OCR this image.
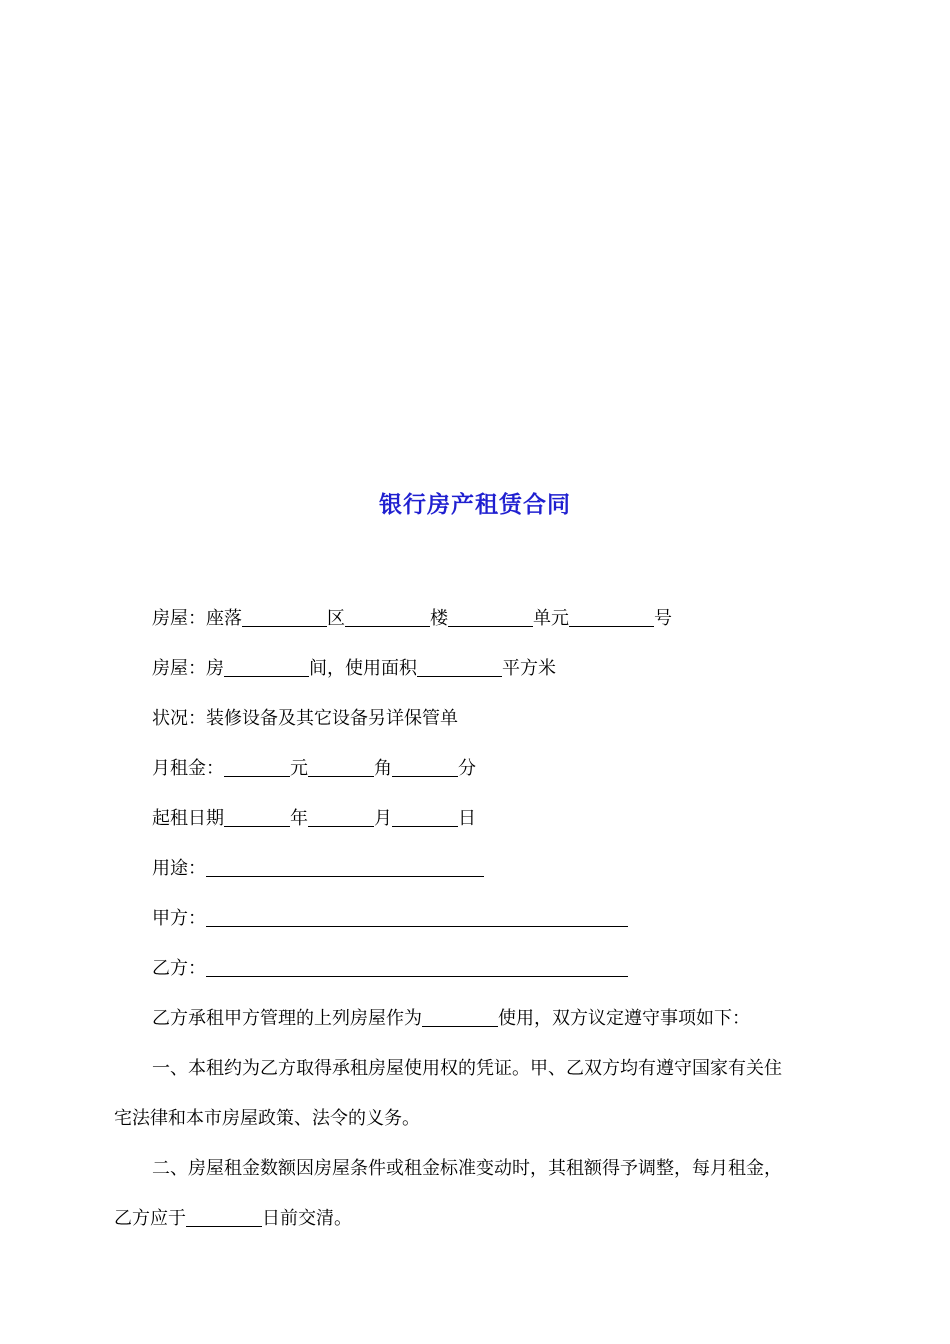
银行房产租赁合同
房屋：座落	区	楼	单元	号
房屋：房	间，使用面积	平方米
状况：装修设备及其它设备另详保管单
月租金：	元	角	分
起租日期	年	月	日
用途：
甲方：
乙方：
乙方承租甲方管理的上列房屋作为	使用，双方议定遵守事项如下：
一、本租约为乙方取得承租房屋使用权的凭证。甲、乙双方均有遵守国家有关住
宅法律和本市房屋政策、法令的义务。
二、房屋租金数额因房屋条件或租金标准变动时，其租额得予调整，每月租金，
乙方应于	日前交清。
